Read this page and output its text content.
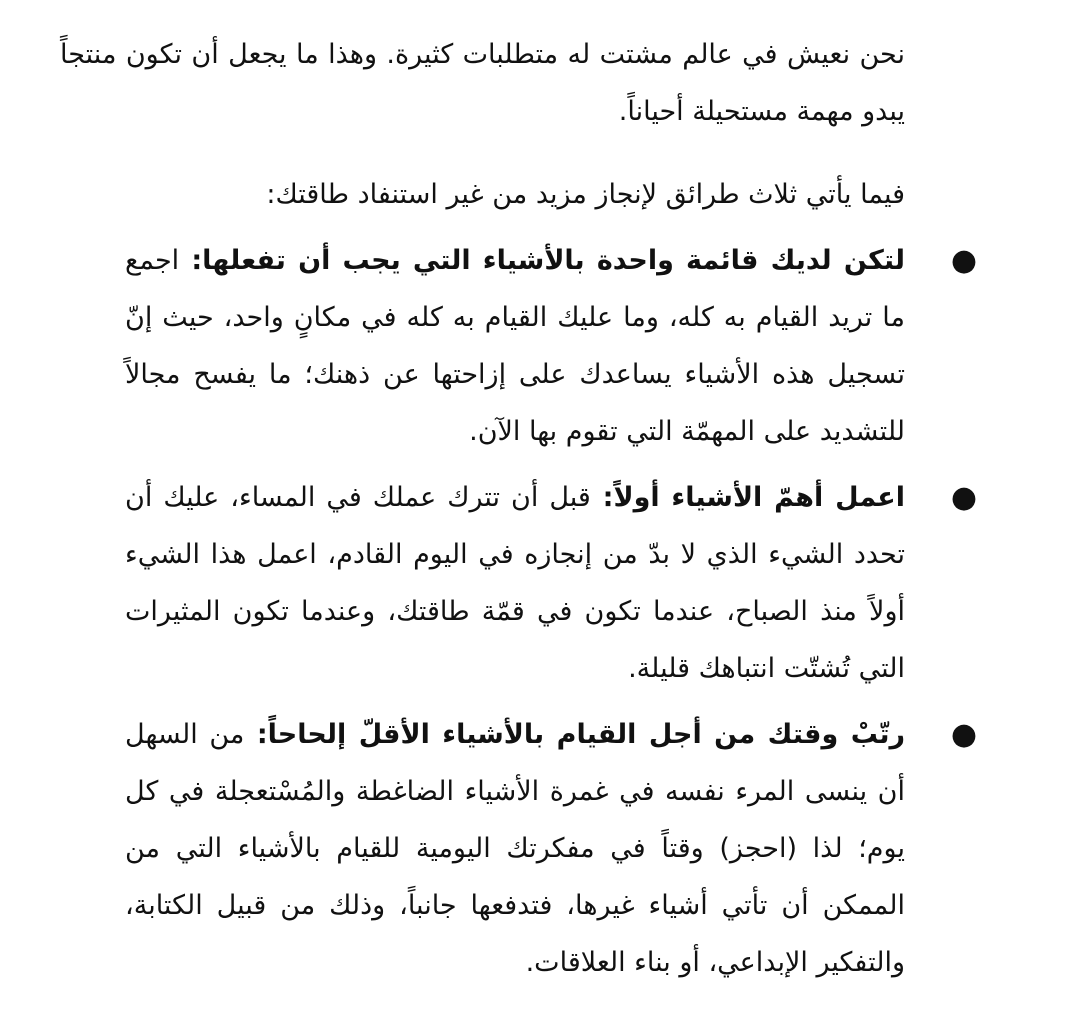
نحن نعيش في عالم مشتت له متطلبات كثيرة. وهذا ما يجعل أن تكون منتجاً يبدو مهمة مستحيلة أحياناً.

فيما يأتي ثلاث طرائق لإنجاز مزيد من غير استنفاد طاقتك:

●
لتكن لديك قائمة واحدة بالأشياء التي يجب أن تفعلها: اجمع ما تريد القيام به كله، وما عليك القيام به كله في مكانٍ واحد، حيث إنّ تسجيل هذه الأشياء يساعدك على إزاحتها عن ذهنك؛ ما يفسح مجالاً للتشديد على المهمّة التي تقوم بها الآن.
●
اعمل أهمّ الأشياء أولاً: قبل أن تترك عملك في المساء، عليك أن تحدد الشيء الذي لا بدّ من إنجازه في اليوم القادم، اعمل هذا الشيء أولاً منذ الصباح، عندما تكون في قمّة طاقتك، وعندما تكون المثيرات التي تُشتّت انتباهك قليلة.
●
رتّبْ وقتك من أجل القيام بالأشياء الأقلّ إلحاحاً: من السهل أن ينسى المرء نفسه في غمرة الأشياء الضاغطة والمُسْتعجلة في كل يوم؛ لذا (احجز) وقتاً في مفكرتك اليومية للقيام بالأشياء التي من الممكن أن تأتي أشياء غيرها، فتدفعها جانباً، وذلك من قبيل الكتابة، والتفكير الإبداعي، أو بناء العلاقات.
